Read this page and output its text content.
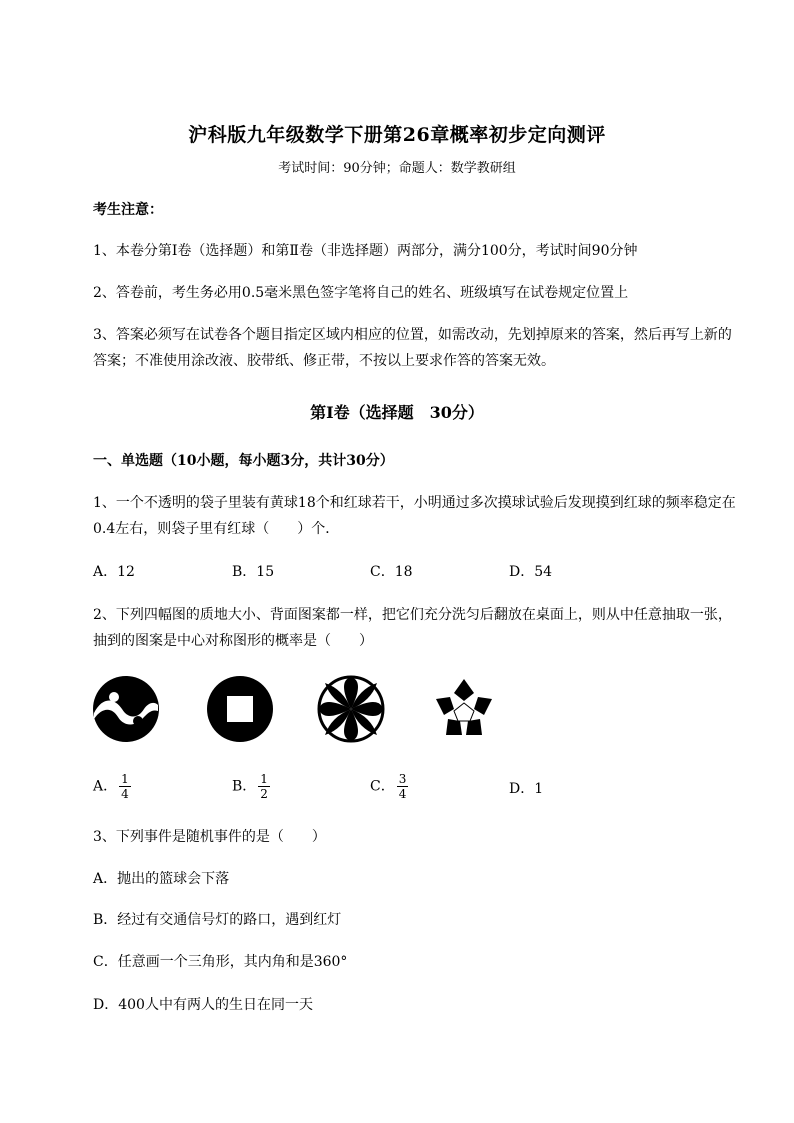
沪科版九年级数学下册第26章概率初步定向测评
考试时间：90分钟；命题人：数学教研组
考生注意：
1、本卷分第Ⅰ卷（选择题）和第Ⅱ卷（非选择题）两部分，满分100分，考试时间90分钟
2、答卷前，考生务必用0.5毫米黑色签字笔将自己的姓名、班级填写在试卷规定位置上
3、答案必须写在试卷各个题目指定区域内相应的位置，如需改动，先划掉原来的答案，然后再写上新的答案；不准使用涂改液、胶带纸、修正带，不按以上要求作答的答案无效。
第Ⅰ卷（选择题　30分）
一、单选题（10小题，每小题3分，共计30分）
1、一个不透明的袋子里装有黄球18个和红球若干，小明通过多次摸球试验后发现摸到红球的频率稳定在0.4左右，则袋子里有红球（　　）个．
A．12	B．15	C．18	D．54
2、下列四幅图的质地大小、背面图案都一样，把它们充分洗匀后翻放在桌面上，则从中任意抽取一张，抽到的图案是中心对称图形的概率是（　　）
A． $\frac{1}{4}$	B． $\frac{1}{2}$	C． $\frac{3}{4}$	D．1
3、下列事件是随机事件的是（　　）
A．抛出的篮球会下落
B．经过有交通信号灯的路口，遇到红灯
C．任意画一个三角形，其内角和是360°
D．400人中有两人的生日在同一天
